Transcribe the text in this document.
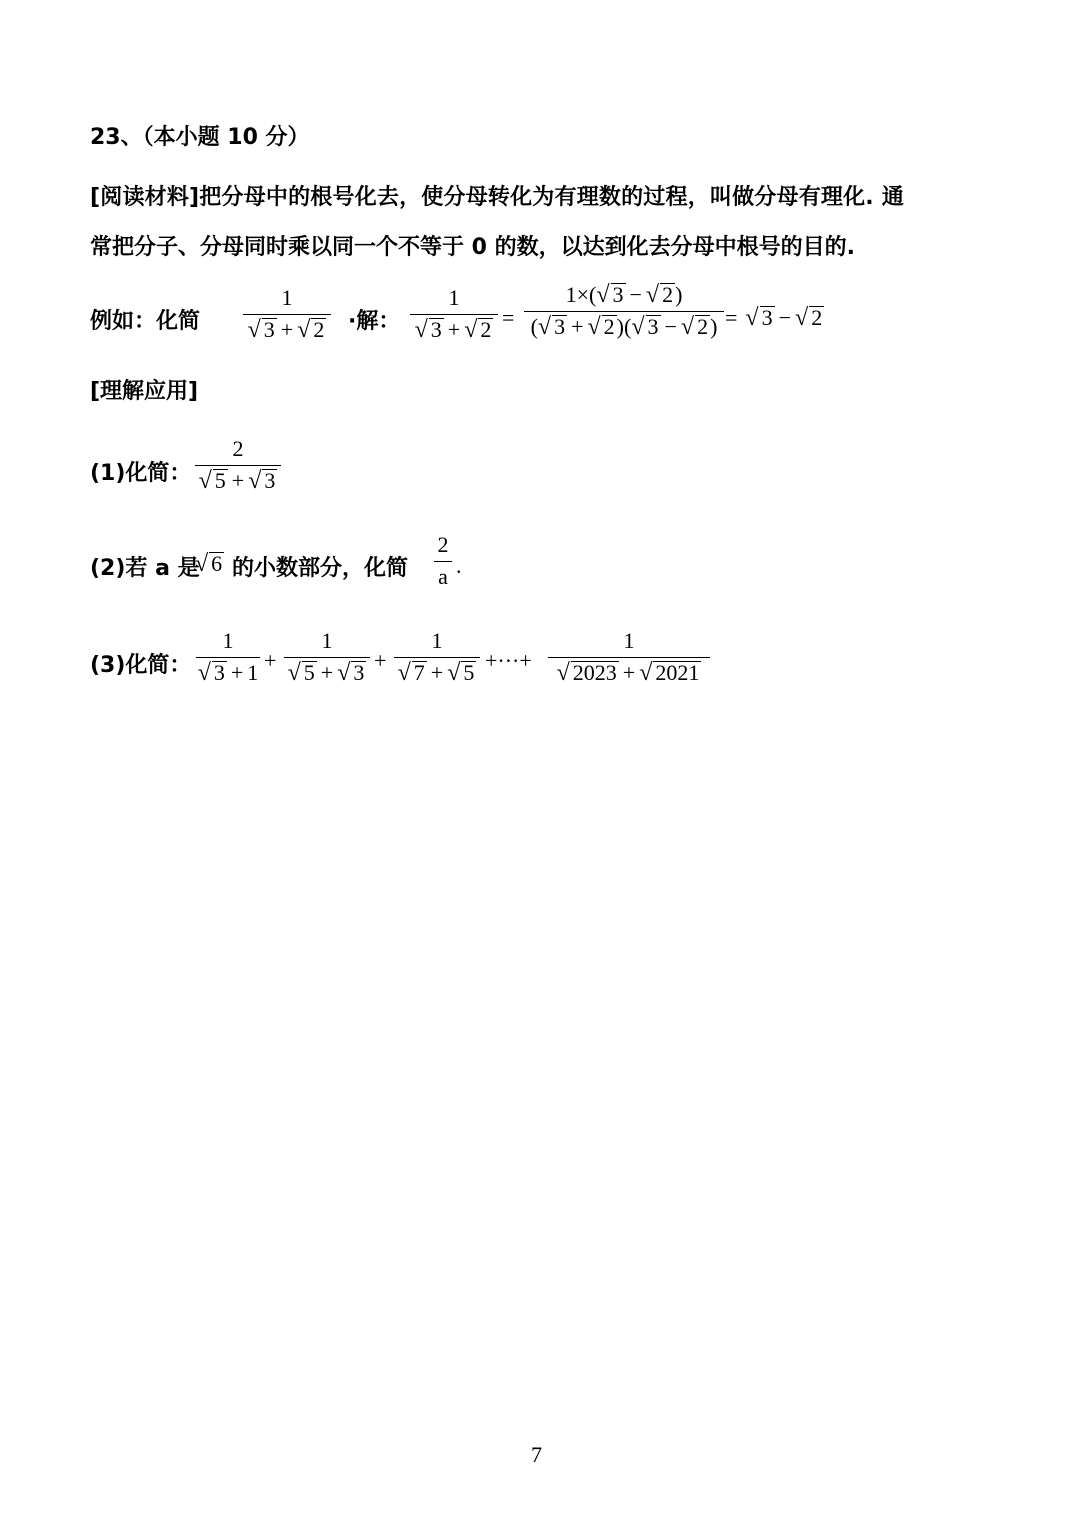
23、（本小题 10 分）
[阅读材料]把分母中的根号化去，使分母转化为有理数的过程，叫做分母有理化. 通
常把分子、分母同时乘以同一个不等于 0 的数，以达到化去分母中根号的目的.
例如：化简
1
√ 3 + √ 2 ·解：
1
√ 3 + √ 2 =
1×(√ 3 − √ 2)
(√ 3 + √ 2)(√ 3 − √ 2) = √ 3 − √ 2
[理解应用]
(1)化简：
2
√ 5 + √ 3
(2)若 a 是
√ 6 的小数部分，化简
2
a .
(3)化简：
1
√ 3 + 1 +
1
√ 5 + √ 3 +
1
√ 7 + √ 5 +···+
1
√ 2023 + √ 2021
7
